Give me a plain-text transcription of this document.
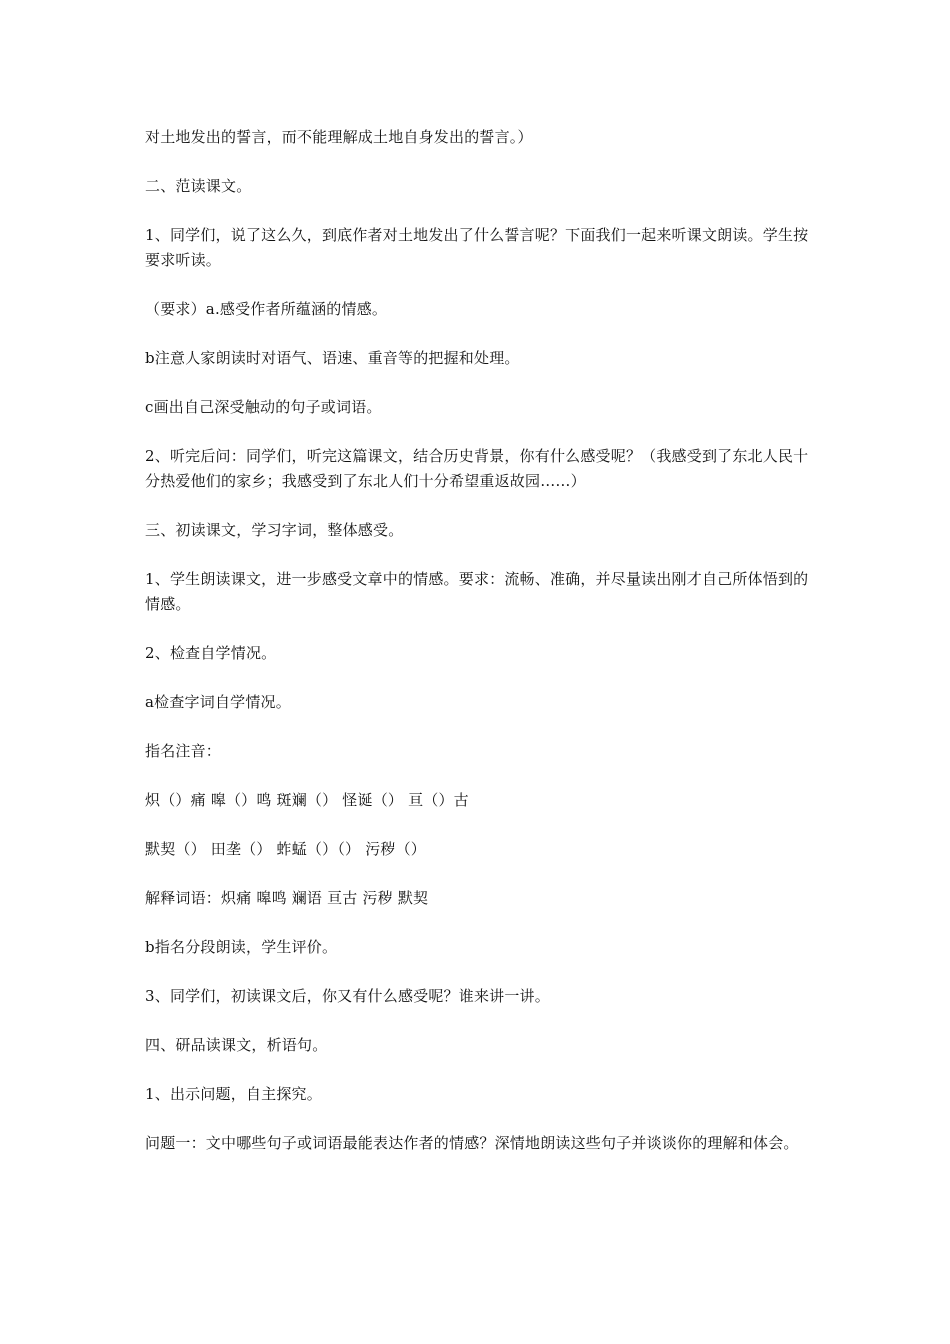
对土地发出的誓言，而不能理解成土地自身发出的誓言。）

二、范读课文。

1、同学们，说了这么久，到底作者对土地发出了什么誓言呢？下面我们一起来听课文朗读。学生按要求听读。

（要求）a.感受作者所蕴涵的情感。

b注意人家朗读时对语气、语速、重音等的把握和处理。

c画出自己深受触动的句子或词语。

2、听完后问：同学们，听完这篇课文，结合历史背景，你有什么感受呢？（我感受到了东北人民十分热爱他们的家乡；我感受到了东北人们十分希望重返故园……）

三、初读课文，学习字词，整体感受。

1、学生朗读课文，进一步感受文章中的情感。要求：流畅、准确，并尽量读出刚才自己所体悟到的情感。

2、检查自学情况。

a检查字词自学情况。

指名注音：

炽（）痛 嗥（）鸣 斑斓（） 怪诞（） 亘（）古

默契（） 田垄（） 蚱蜢（）（） 污秽（）

解释词语：炽痛 嗥鸣 斓语 亘古 污秽 默契

b指名分段朗读，学生评价。

3、同学们，初读课文后，你又有什么感受呢？谁来讲一讲。

四、研品读课文，析语句。

1、出示问题，自主探究。

问题一：文中哪些句子或词语最能表达作者的情感？深情地朗读这些句子并谈谈你的理解和体会。
